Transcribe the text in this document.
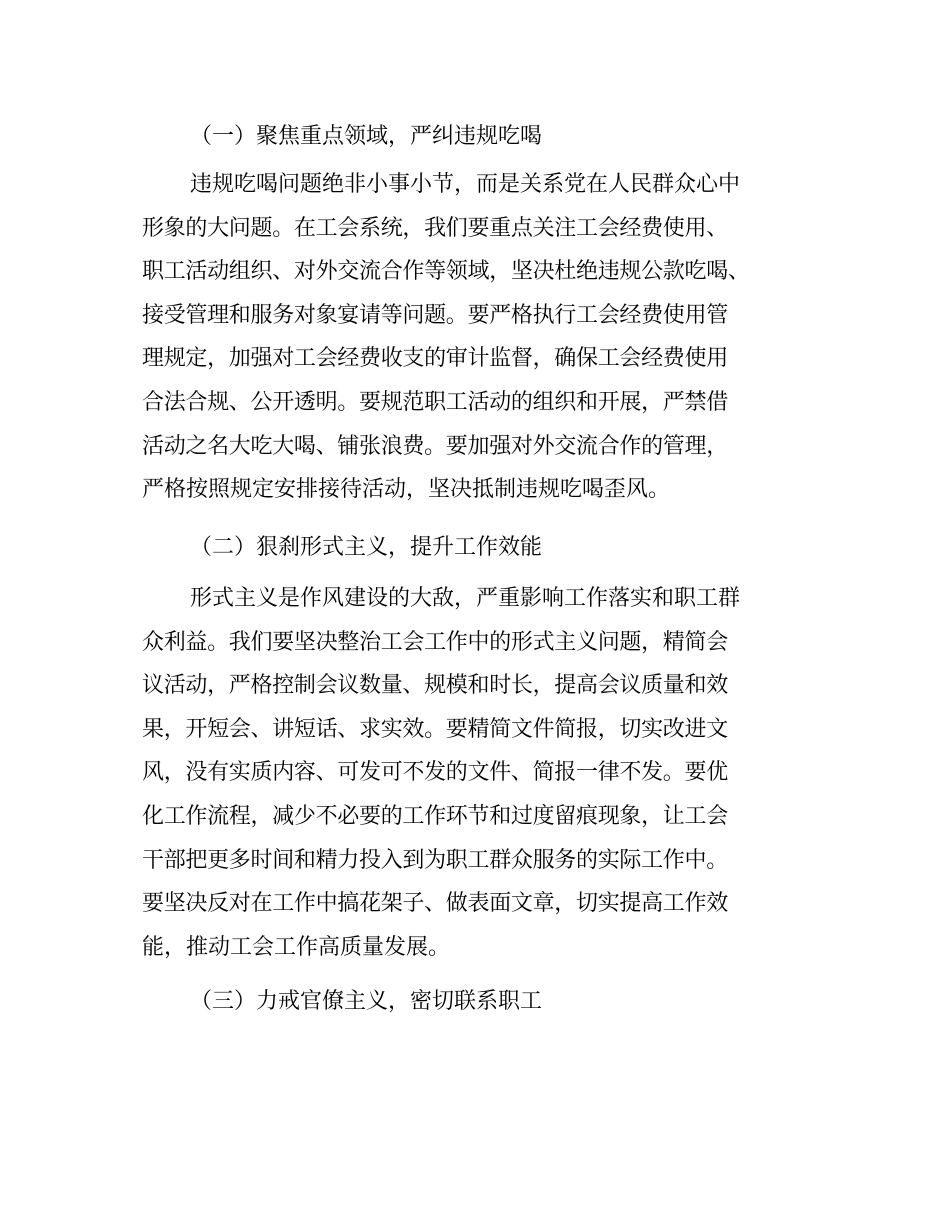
（一）聚焦重点领域，严纠违规吃喝
违规吃喝问题绝非小事小节，而是关系党在人民群众心中
形象的大问题。在工会系统，我们要重点关注工会经费使用、
职工活动组织、对外交流合作等领域，坚决杜绝违规公款吃喝、
接受管理和服务对象宴请等问题。要严格执行工会经费使用管
理规定，加强对工会经费收支的审计监督，确保工会经费使用
合法合规、公开透明。要规范职工活动的组织和开展，严禁借
活动之名大吃大喝、铺张浪费。要加强对外交流合作的管理，
严格按照规定安排接待活动，坚决抵制违规吃喝歪风。
（二）狠刹形式主义，提升工作效能
形式主义是作风建设的大敌，严重影响工作落实和职工群
众利益。我们要坚决整治工会工作中的形式主义问题，精简会
议活动，严格控制会议数量、规模和时长，提高会议质量和效
果，开短会、讲短话、求实效。要精简文件简报，切实改进文
风，没有实质内容、可发可不发的文件、简报一律不发。要优
化工作流程，减少不必要的工作环节和过度留痕现象，让工会
干部把更多时间和精力投入到为职工群众服务的实际工作中。
要坚决反对在工作中搞花架子、做表面文章，切实提高工作效
能，推动工会工作高质量发展。
（三）力戒官僚主义，密切联系职工
